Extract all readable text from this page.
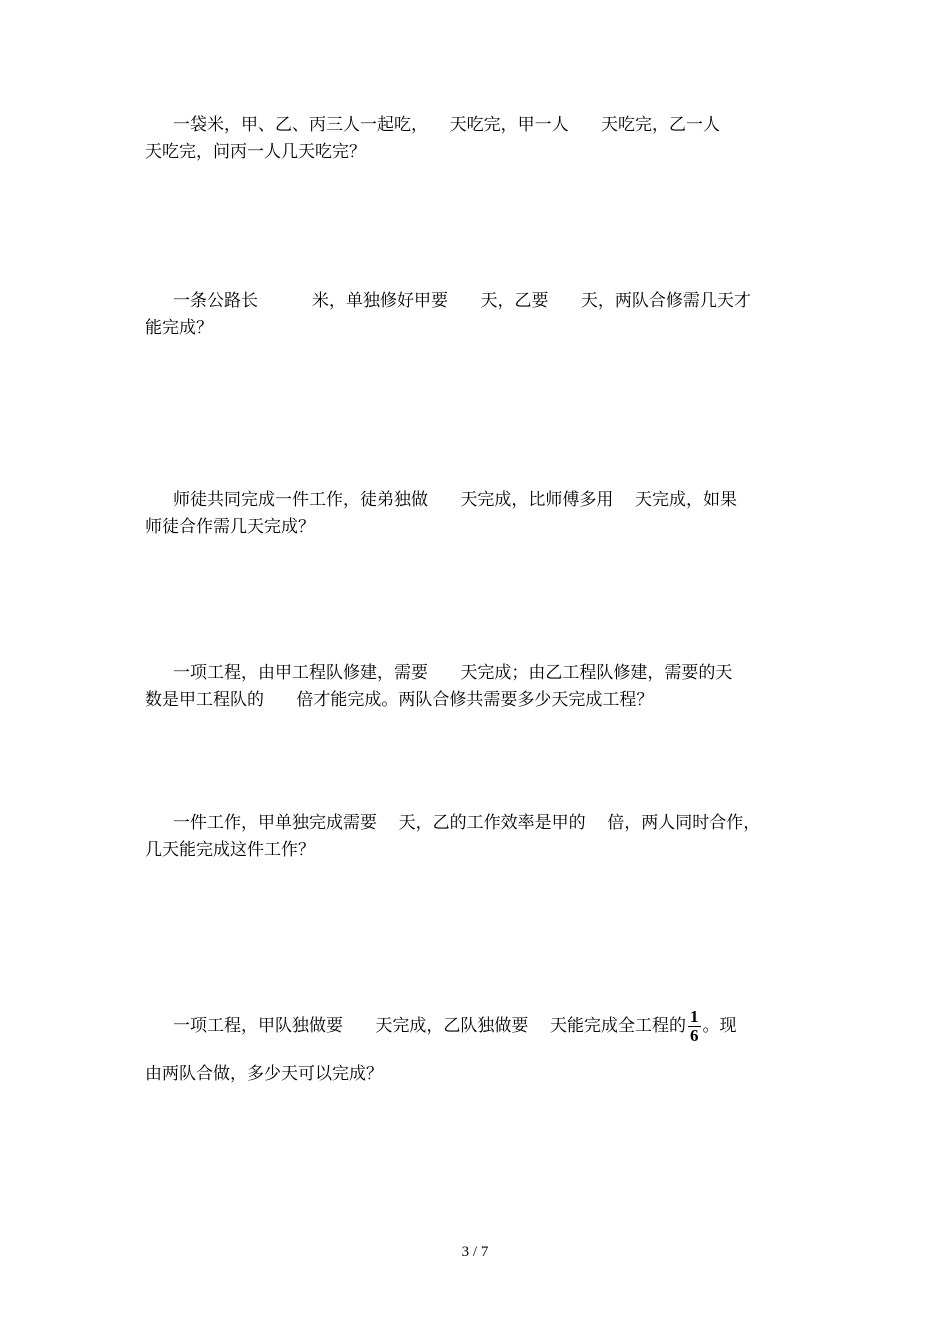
一袋米，甲、乙、丙三人一起吃，    天吃完，甲一人      天吃完，乙一人
天吃完，问丙一人几天吃完？
一条公路长          米，单独修好甲要      天，乙要      天，两队合修需几天才
能完成？
师徒共同完成一件工作，徒弟独做      天完成，比师傅多用    天完成，如果
师徒合作需几天完成？
一项工程，由甲工程队修建，需要      天完成；由乙工程队修建，需要的天
数是甲工程队的      倍才能完成。两队合修共需要多少天完成工程？
一件工作，甲单独完成需要    天，乙的工作效率是甲的    倍，两人同时合作，
几天能完成这件工作？
一项工程，甲队独做要      天完成，乙队独做要    天能完成全工程的 $\frac{1}{6}$ 。现
由两队合做，多少天可以完成？
3 / 7
